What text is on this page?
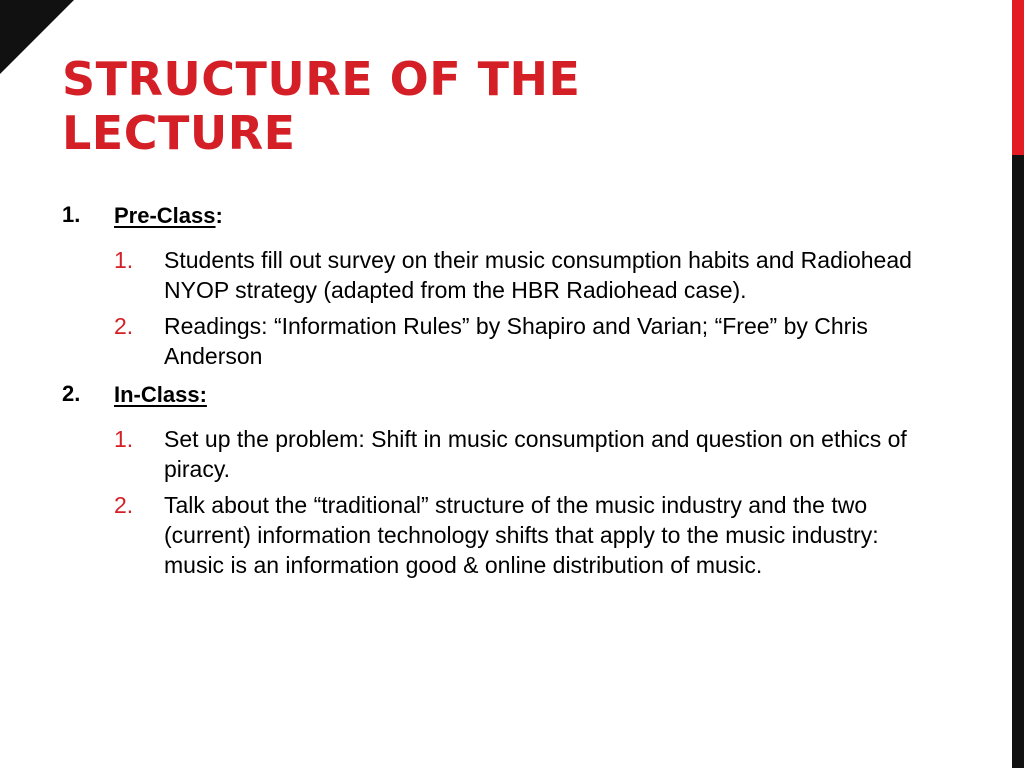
STRUCTURE OF THE
LECTURE
1. Pre-Class:
1. Students fill out survey on their music consumption habits and Radiohead NYOP strategy (adapted from the HBR Radiohead case).
2. Readings: “Information Rules” by Shapiro and Varian; “Free” by Chris Anderson
2. In-Class:
1. Set up the problem: Shift in music consumption and question on ethics of piracy.
2. Talk about the “traditional” structure of the music industry and the two (current) information technology shifts that apply to the music industry: music is an information good & online distribution of music.
